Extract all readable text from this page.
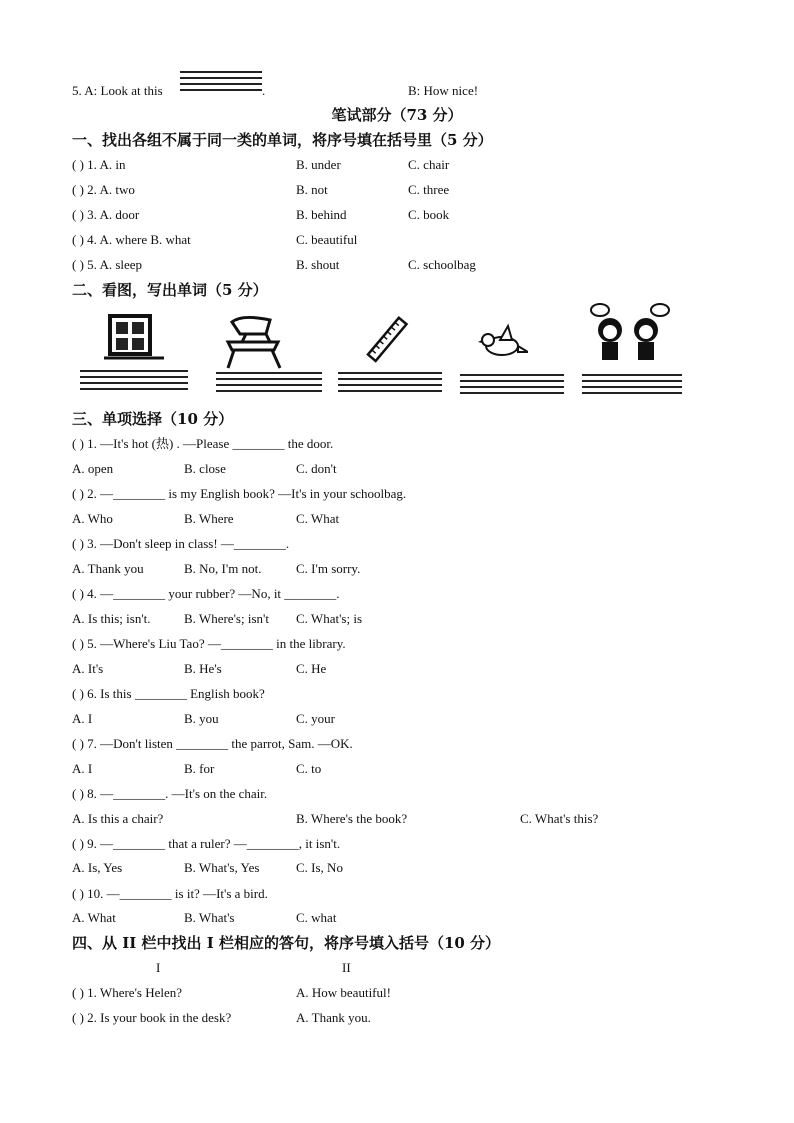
5. A: Look at this	.	B: How nice!
笔试部分（73 分）
一、找出各组不属于同一类的单词，将序号填在括号里（5 分）
( ) 1. A. in	B. under	C. chair
( ) 2. A. two	B. not	C. three
( ) 3. A. door	B. behind	C. book
( ) 4. A. where B. what	C. beautiful
( ) 5. A. sleep	B. shout	C. schoolbag
二、看图，写出单词（5 分）
三、单项选择（10 分）
( ) 1. —It's hot (热) . —Please ________ the door.
A. open	B. close	C. don't
( ) 2. —________ is my English book? —It's in your schoolbag.
A. Who	B. Where	C. What
( ) 3. —Don't sleep in class! —________.
A. Thank you	B. No, I'm not.	C. I'm sorry.
( ) 4. —________ your rubber? —No, it ________.
A. Is this; isn't.	B. Where's; isn't C. What's; is
( ) 5. —Where's Liu Tao? —________ in the library.
A. It's	B. He's	C. He
( ) 6. Is this ________ English book?
A. I	B. you	C. your
( ) 7. —Don't listen ________ the parrot, Sam. —OK.
A. I	B. for	C. to
( ) 8. —________. —It's on the chair.
A. Is this a chair?	B. Where's the book?	C. What's this?
( ) 9. —________ that a ruler? —________, it isn't.
A. Is, Yes	B. What's, Yes	C. Is, No
( ) 10. —________ is it? —It's a bird.
A. What	B. What's	C. what
四、从 II 栏中找出 I 栏相应的答句，将序号填入括号（10 分）
I	II
( ) 1. Where's Helen?	A. How beautiful!
( ) 2. Is your book in the desk?	A. Thank you.
